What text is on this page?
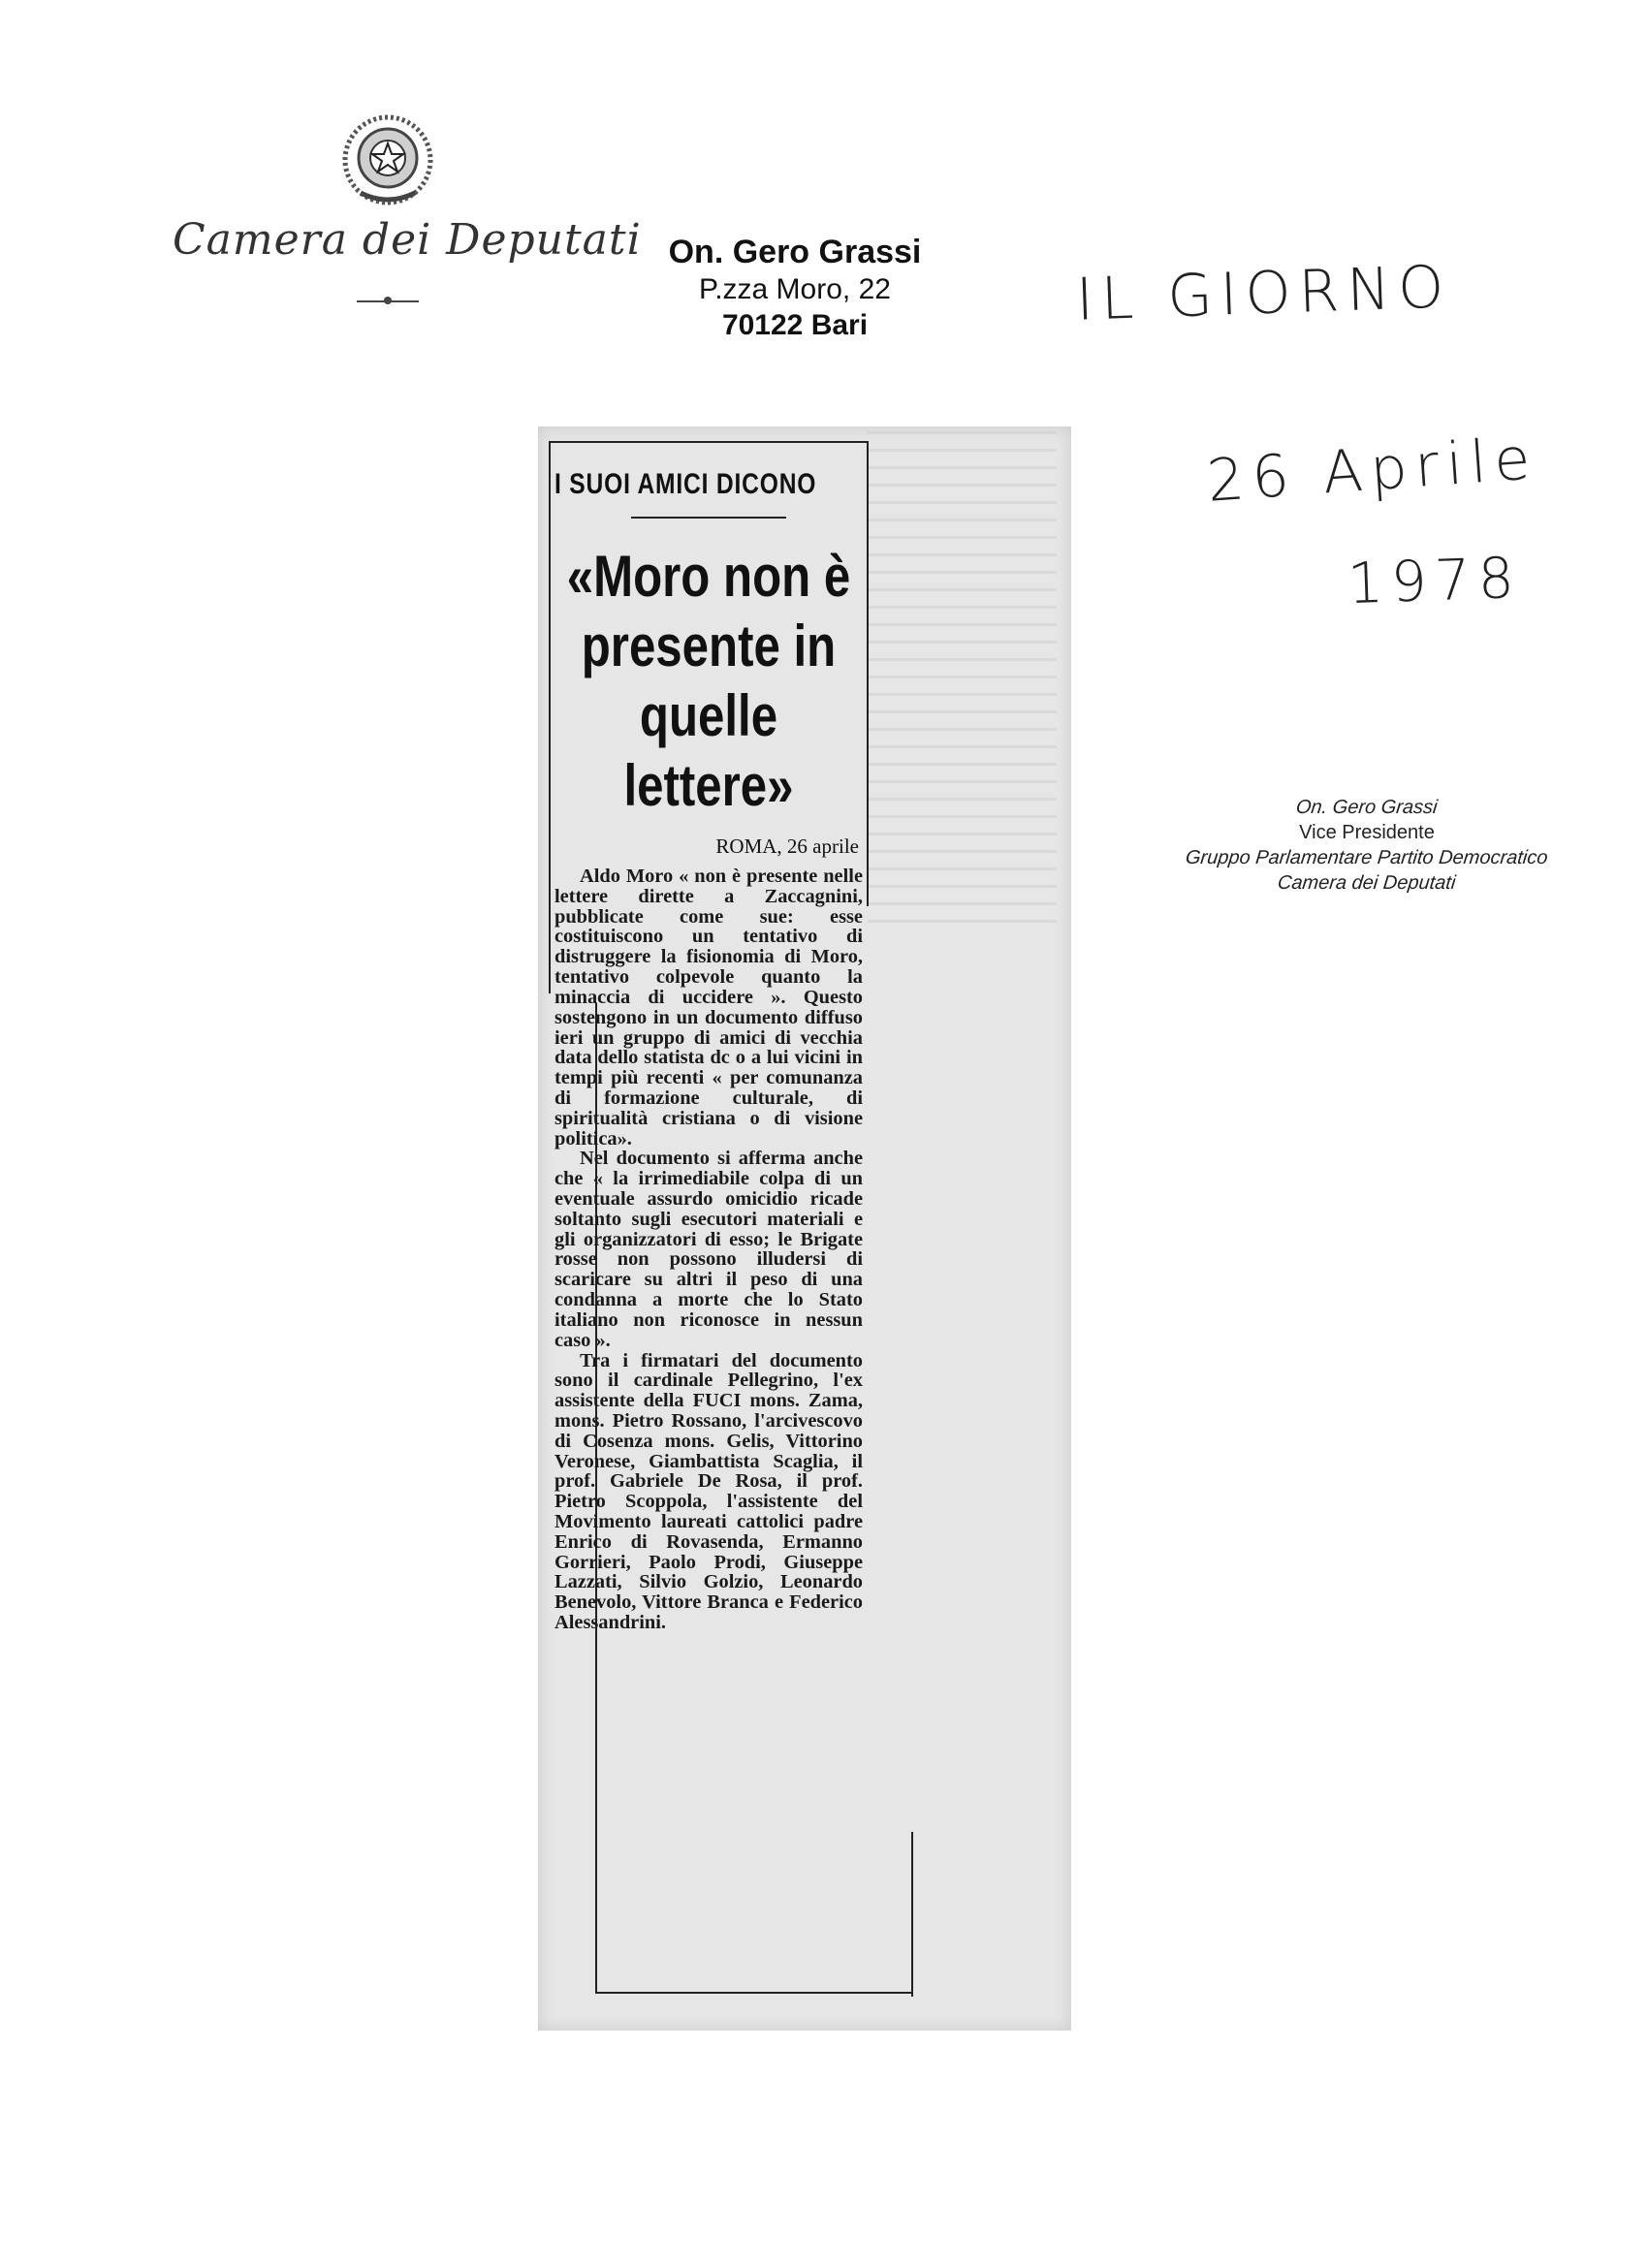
Camera dei Deputati On. Gero Grassi
P.zza Moro, 22
70122 Bari	IL GIORNO
26 Aprile
1978
On. Gero Grassi
Vice Presidente
Gruppo Parlamentare Partito Democratico
Camera dei Deputati
I SUOI AMICI DICONO
«Moro non è presente in quelle lettere»
ROMA, 26 aprile

Aldo Moro « non è presente nelle lettere dirette a Zaccagnini, pubblicate come sue: esse costituiscono un tentativo di distruggere la fisionomia di Moro, tentativo colpevole quanto la minaccia di uccidere ». Questo sostengono in un documento diffuso ieri un gruppo di amici di vecchia data dello statista dc o a lui vicini in tempi più recenti « per comunanza di formazione culturale, di spiritualità cristiana o di visione politica».

Nel documento si afferma anche che « la irrimediabile colpa di un eventuale assurdo omicidio ricade soltanto sugli esecutori materiali e gli organizzatori di esso; le Brigate rosse non possono illudersi di scaricare su altri il peso di una condanna a morte che lo Stato italiano non riconosce in nessun caso ».

Tra i firmatari del documento sono il cardinale Pellegrino, l'ex assistente della FUCI mons. Zama, mons. Pietro Rossano, l'arcivescovo di Cosenza mons. Gelis, Vittorino Veronese, Giambattista Scaglia, il prof. Gabriele De Rosa, il prof. Pietro Scoppola, l'assistente del Movimento laureati cattolici padre Enrico di Rovasenda, Ermanno Gorrieri, Paolo Prodi, Giuseppe Lazzati, Silvio Golzio, Leonardo Benevolo, Vittore Branca e Federico Alessandrini.
